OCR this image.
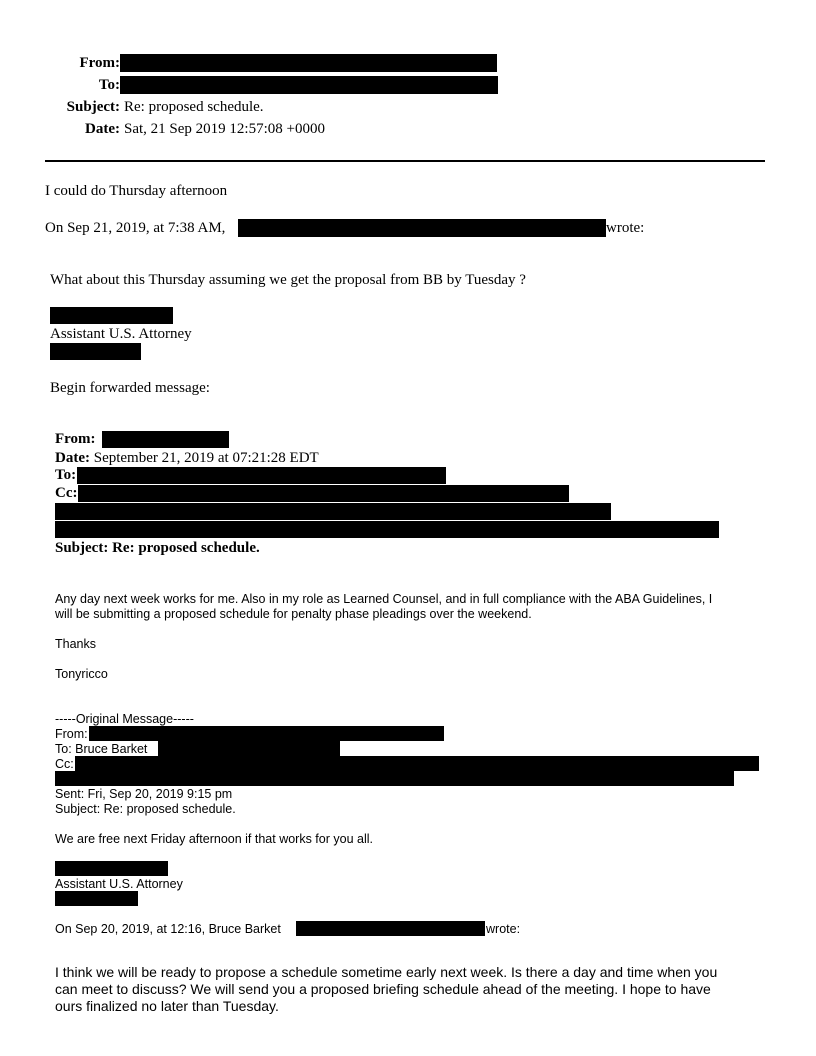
From:
To:
Subject: Re: proposed schedule.
Date: Sat, 21 Sep 2019 12:57:08 +0000
I could do Thursday afternoon
On Sep 21, 2019, at 7:38 AM,	wrote:
What about this Thursday assuming we get the proposal from BB by Tuesday ?
Assistant U.S. Attorney
Begin forwarded message:
From:
Date: September 21, 2019 at 07:21:28 EDT
To:
Cc:
Subject: Re: proposed schedule.
Any day next week works for me. Also in my role as Learned Counsel, and in full compliance with the ABA Guidelines, I
will be submitting a proposed schedule for penalty phase pleadings over the weekend.
Thanks
Tonyricco
-----Original Message-----
From:
To: Bruce Barket
Cc:
Sent: Fri, Sep 20, 2019 9:15 pm
Subject: Re: proposed schedule.
We are free next Friday afternoon if that works for you all.
Assistant U.S. Attorney
On Sep 20, 2019, at 12:16, Bruce Barket	wrote:
I think we will be ready to propose a schedule sometime early next week. Is there a day and time when you
can meet to discuss? We will send you a proposed briefing schedule ahead of the meeting. I hope to have
ours finalized no later than Tuesday.
